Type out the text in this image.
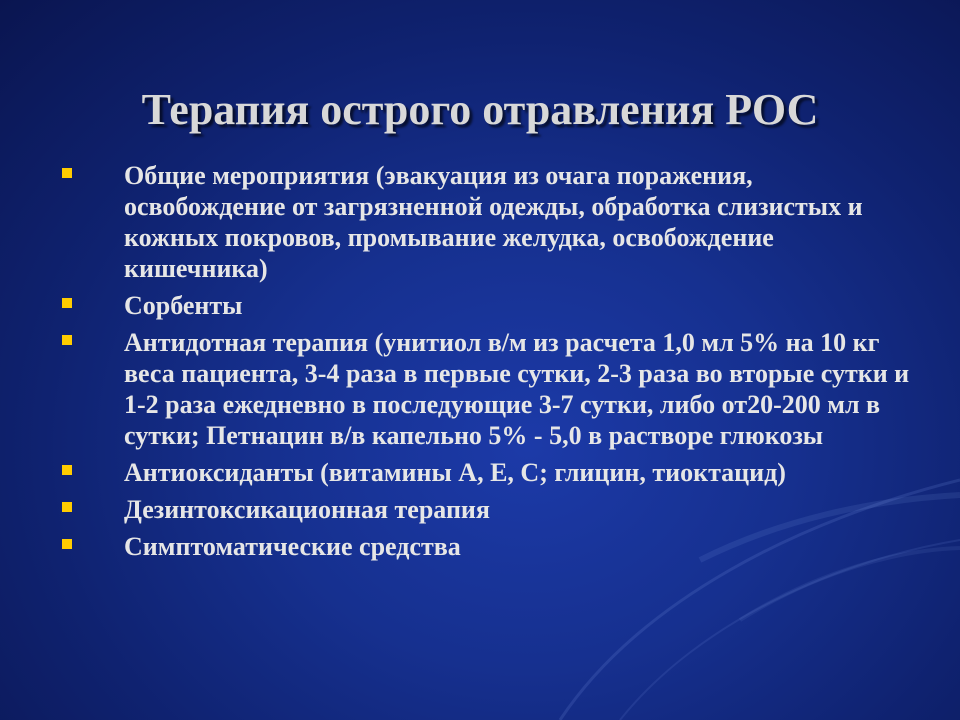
Терапия острого отравления РОС
Общие мероприятия (эвакуация из очага поражения, освобождение от загрязненной одежды, обработка слизистых и кожных покровов, промывание желудка, освобождение кишечника)
Сорбенты
Антидотная терапия (унитиол в/м из расчета 1,0 мл 5% на 10 кг веса пациента, 3-4 раза в первые сутки, 2-3 раза во вторые сутки и 1-2 раза ежедневно в последующие 3-7 сутки, либо от20-200 мл в сутки; Петнацин в/в капельно 5% - 5,0 в растворе глюкозы
Антиоксиданты (витамины А, Е, С; глицин, тиоктацид)
Дезинтоксикационная терапия
Симптоматические средства
